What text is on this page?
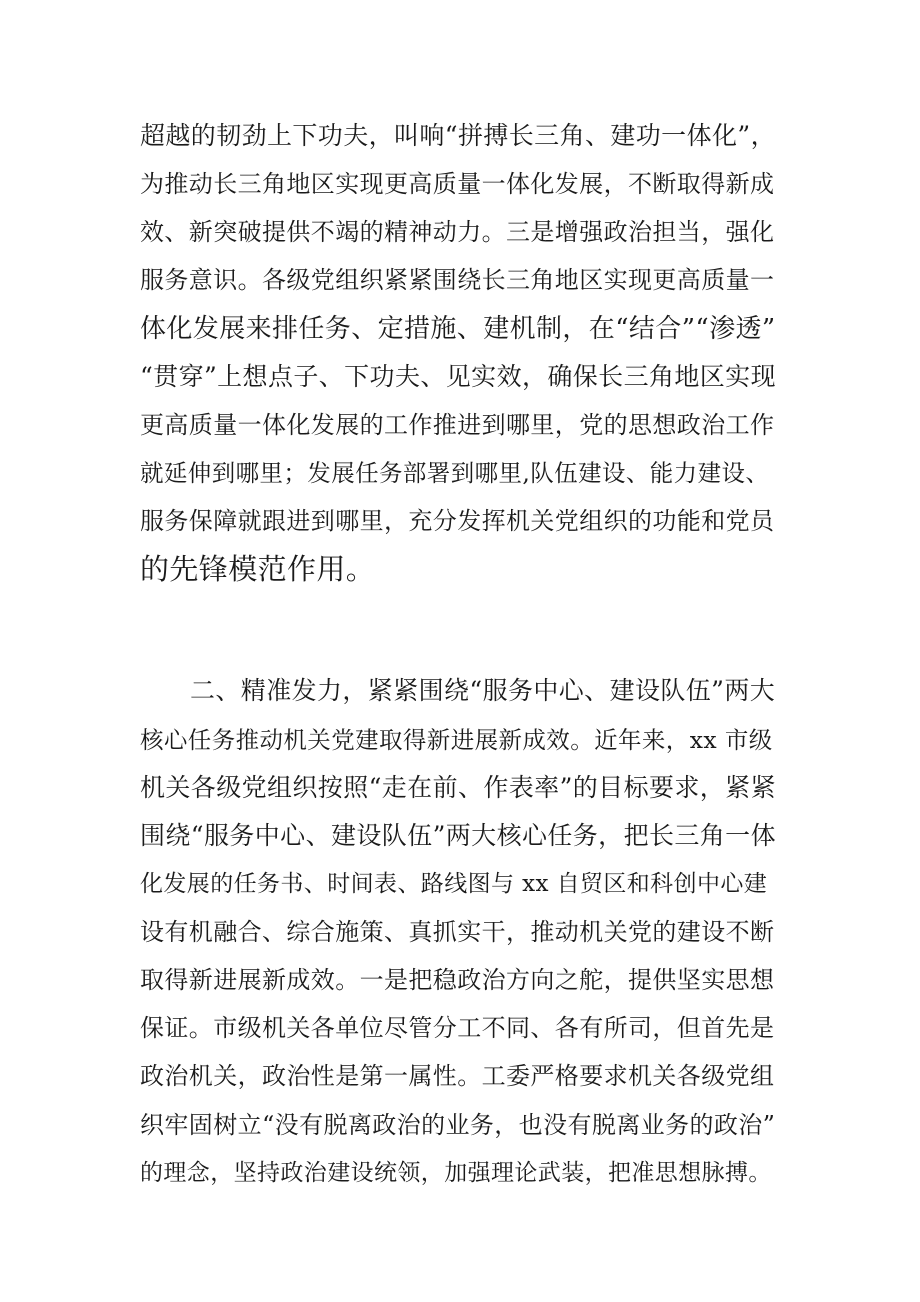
超越的韧劲上下功夫，叫响“拼搏长三角、建功一体化”，
为推动长三角地区实现更高质量一体化发展，不断取得新成
效、新突破提供不竭的精神动力。三是增强政治担当，强化
服务意识。各级党组织紧紧围绕长三角地区实现更高质量一
体化发展来排任务、定措施、建机制，在“结合”“渗透”
“贯穿”上想点子、下功夫、见实效，确保长三角地区实现
更高质量一体化发展的工作推进到哪里，党的思想政治工作
就延伸到哪里；发展任务部署到哪里,队伍建设、能力建设、
服务保障就跟进到哪里，充分发挥机关党组织的功能和党员
的先锋模范作用。
二、精准发力，紧紧围绕“服务中心、建设队伍”两大
核心任务推动机关党建取得新进展新成效。近年来，xx 市级
机关各级党组织按照“走在前、作表率”的目标要求，紧紧
围绕“服务中心、建设队伍”两大核心任务，把长三角一体
化发展的任务书、时间表、路线图与 xx 自贸区和科创中心建
设有机融合、综合施策、真抓实干，推动机关党的建设不断
取得新进展新成效。一是把稳政治方向之舵，提供坚实思想
保证。市级机关各单位尽管分工不同、各有所司，但首先是
政治机关，政治性是第一属性。工委严格要求机关各级党组
织牢固树立“没有脱离政治的业务，也没有脱离业务的政治”
的理念，坚持政治建设统领，加强理论武装，把准思想脉搏。
